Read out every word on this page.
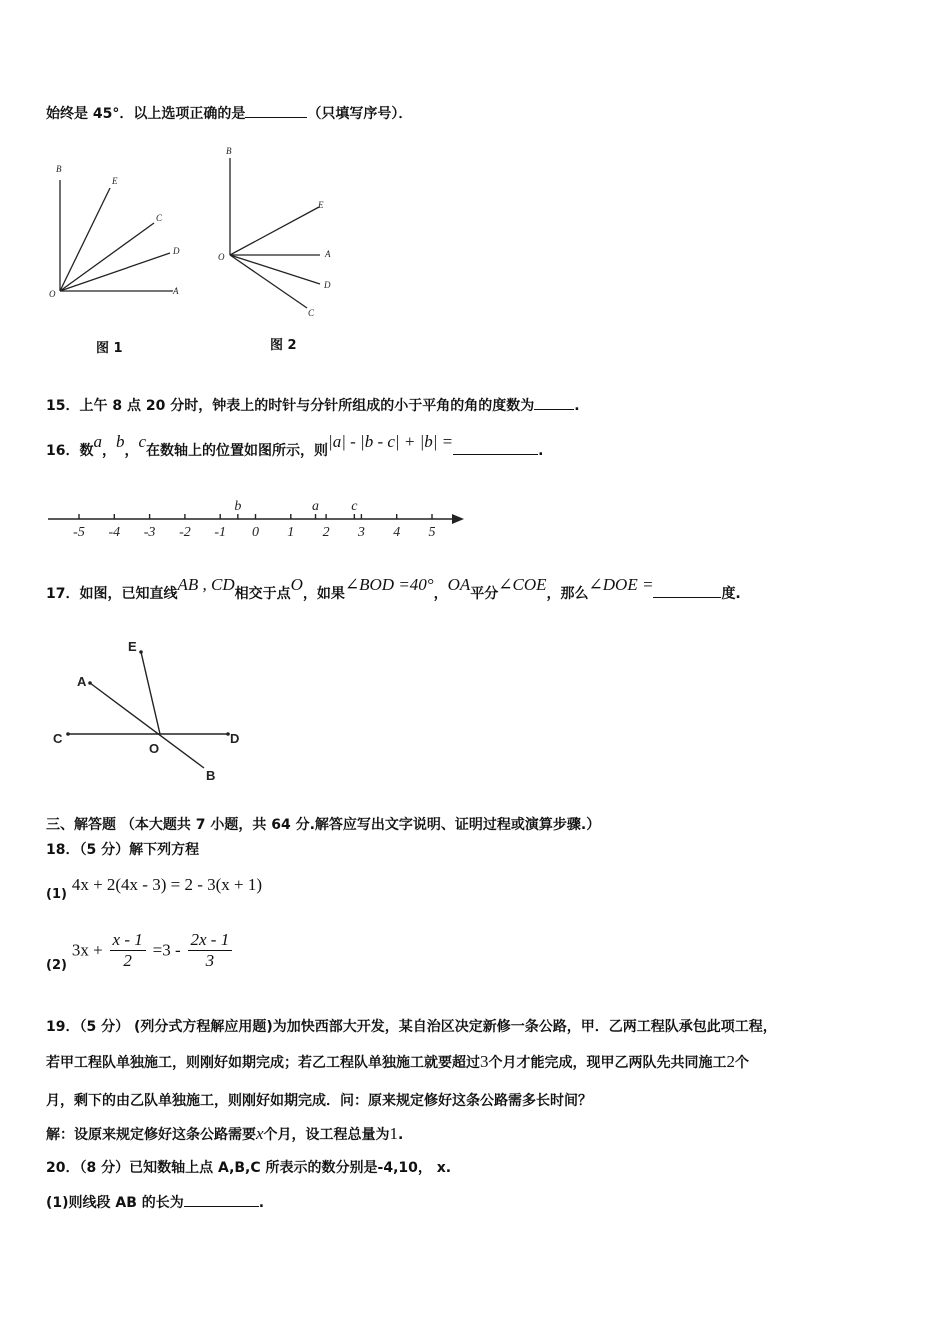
始终是 45°．以上选项正确的是	（只填写序号）．
B
E
C
D
O	A
图 1
B
E
A
O
D
C
图 2
15．上午 8 点 20 分时，钟表上的时针与分针所组成的小于平角的角的度数为	.
16．数a，b，c在数轴上的位置如图所示，则|a| - |b - c| + |b| =	.
-5 -4 -3 -2 -1 0 1 2 3 4 5
b	a c
17．如图，已知直线AB , CD相交于点O，如果∠BOD =40°，OA平分∠COE，那么∠DOE =	度.
E
A
C
O
D
B
三、解答题 （本大题共 7 小题，共 64 分.解答应写出文字说明、证明过程或演算步骤.）
18．（5 分）解下列方程
(1) 4x + 2(4x - 3) = 2 - 3(x + 1)
(2) $3x + \frac{x - 1}{2} =3 - \frac{2x - 1}{3}$
19．（5 分） (列分式方程解应用题)为加快西部大开发，某自治区决定新修一条公路，甲．乙两工程队承包此项工程，
若甲工程队单独施工，则刚好如期完成；若乙工程队单独施工就要超过3个月才能完成，现甲乙两队先共同施工2个
月，剩下的由乙队单独施工，则刚好如期完成．问：原来规定修好这条公路需多长时间？
解：设原来规定修好这条公路需要x个月，设工程总量为1.
20．（8 分）已知数轴上点 A,B,C 所表示的数分别是-4,10， x.
(1)则线段 AB 的长为	.
